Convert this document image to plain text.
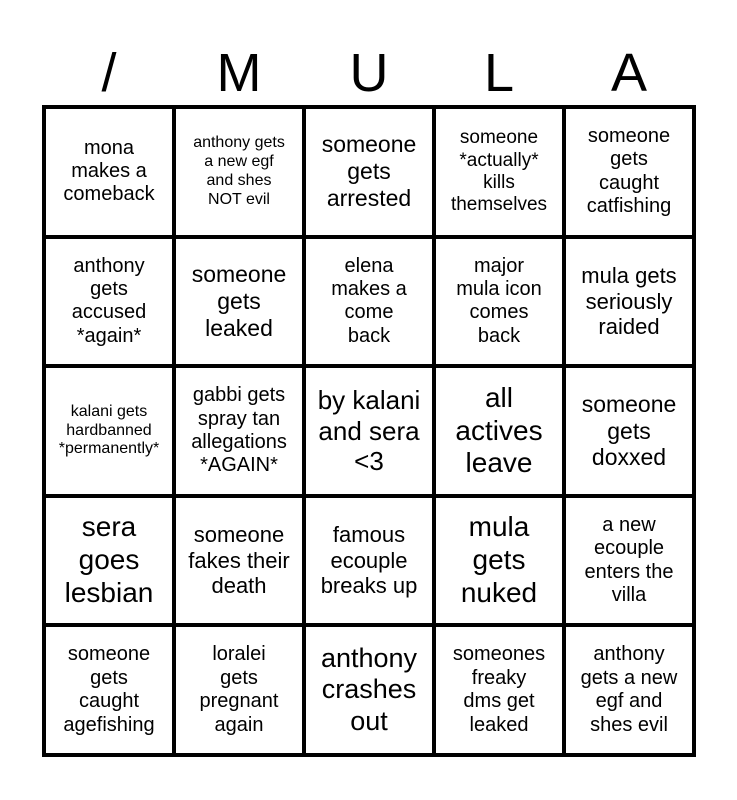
/	M	U	L	A
mona
makes a
comeback
anthony gets
a new egf
and shes
NOT evil
someone
gets
arrested
someone
*actually*
kills
themselves
someone
gets
caught
catfishing
anthony
gets
accused
*again*
someone
gets
leaked
elena
makes a
come
back
major
mula icon
comes
back
mula gets
seriously
raided
kalani gets
hardbanned
*permanently*
gabbi gets
spray tan
allegations
*AGAIN*
by kalani
and sera
<3
all
actives
leave
someone
gets
doxxed
sera
goes
lesbian
someone
fakes their
death
famous
ecouple
breaks up
mula
gets
nuked
a new
ecouple
enters the
villa
someone
gets
caught
agefishing
loralei
gets
pregnant
again
anthony
crashes
out
someones
freaky
dms get
leaked
anthony
gets a new
egf and
shes evil
